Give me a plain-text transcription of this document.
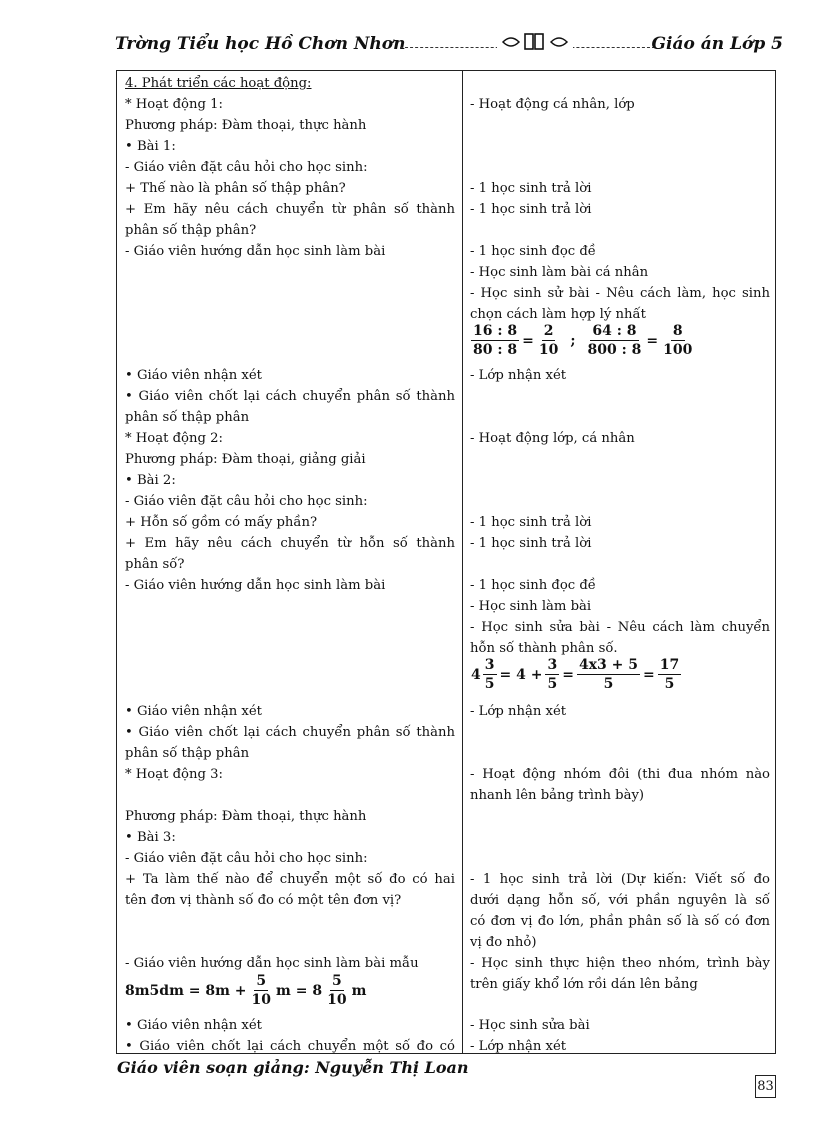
Trờng Tiểu học Hồ Chơn Nhơn	Giáo án Lớp 5
4. Phát triển các hoạt động:
* Hoạt động 1:
Phương pháp: Đàm thoại, thực hành
• Bài 1:
- Giáo viên đặt câu hỏi cho học sinh:
+ Thế nào là phân số thập phân?
+ Em hãy nêu cách chuyển từ phân số thành
phân số thập phân?
- Giáo viên hướng dẫn học sinh làm bài
• Giáo viên nhận xét
• Giáo viên chốt lại cách chuyển phân số thành
phân số thập phân
* Hoạt động 2:
Phương pháp: Đàm thoại, giảng giải
• Bài 2:
- Giáo viên đặt câu hỏi cho học sinh:
+ Hỗn số gồm có mấy phần?
+ Em hãy nêu cách chuyển từ hỗn số thành
phân số?
- Giáo viên hướng dẫn học sinh làm bài
• Giáo viên nhận xét
• Giáo viên chốt lại cách chuyển phân số thành
phân số thập phân
* Hoạt động 3:
Phương pháp: Đàm thoại, thực hành
• Bài 3:
- Giáo viên đặt câu hỏi cho học sinh:
+ Ta làm thế nào để chuyển một số đo có hai
tên đơn vị thành số đo có một tên đơn vị?
- Giáo viên hướng dẫn học sinh làm bài mẫu
• Giáo viên nhận xét
• Giáo viên chốt lại cách chuyển một số đo có
- Hoạt động cá nhân, lớp
- 1 học sinh trả lời
- 1 học sinh trả lời
- 1 học sinh đọc đề
- Học sinh làm bài cá nhân
- Học sinh sử bài - Nêu cách làm, học sinh
chọn cách làm hợp lý nhất
- Lớp nhận xét
- Hoạt động lớp, cá nhân
- 1 học sinh trả lời
- 1 học sinh trả lời
- 1 học sinh đọc đề
- Học sinh làm bài
- Học sinh sửa bài - Nêu cách làm chuyển
hỗn số thành phân số.
- Lớp nhận xét
- Hoạt động nhóm đôi (thi đua nhóm nào
nhanh lên bảng trình bày)
- 1 học sinh trả lời (Dự kiến: Viết số đo
dưới dạng hỗn số, với phần nguyên là số
có đơn vị đo lớn, phần phân số là số có đơn
vị đo nhỏ)
- Học sinh thực hiện theo nhóm, trình bày
trên giấy khổ lớn rồi dán lên bảng
- Học sinh sửa bài
- Lớp nhận xét
$\frac{16 : 8}{80 : 8} = \frac{2}{10}$ ; $\frac{64 : 8}{800 : 8} = \frac{8}{100}$
$4 \frac{3}{5} = 4 + \frac{3}{5} = \frac{4x3 + 5}{5} = \frac{17}{5}$
$8m5dm = 8m + \frac{5}{10}$ $m = 8 \frac{5}{10}$ m
Giáo viên soạn giảng: Nguyễn Thị Loan
83
